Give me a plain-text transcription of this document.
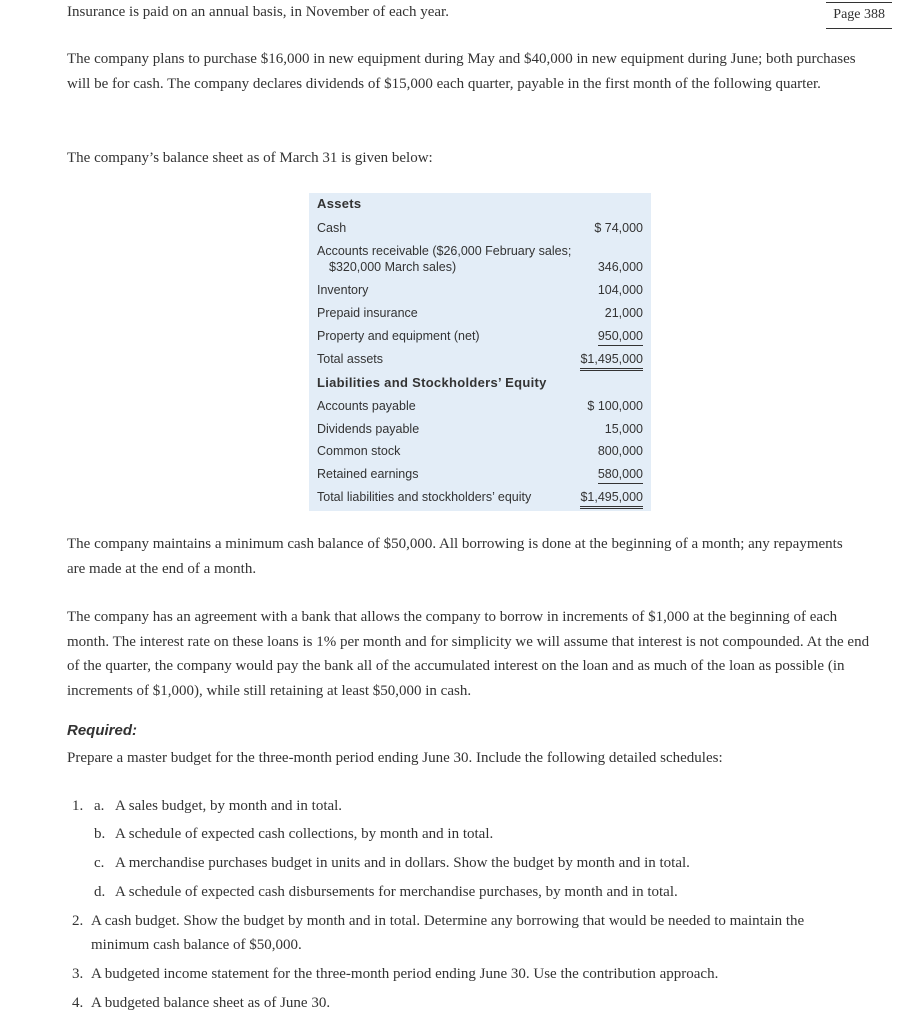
Insurance is paid on an annual basis, in November of each year.	Page 388

The company plans to purchase $16,000 in new equipment during May and $40,000 in new equipment during June; both purchases will be for cash. The company declares dividends of $15,000 each quarter, payable in the first month of the following quarter.

The company’s balance sheet as of March 31 is given below:

Assets
Cash	$ 74,000
Accounts receivable ($26,000 February sales;
$320,000 March sales)	346,000
Inventory	104,000
Prepaid insurance	21,000
Property and equipment (net)	950,000
Total assets	$1,495,000
Liabilities and Stockholders’ Equity
Accounts payable	$ 100,000
Dividends payable	15,000
Common stock	800,000
Retained earnings	580,000
Total liabilities and stockholders’ equity	$1,495,000

The company maintains a minimum cash balance of $50,000. All borrowing is done at the beginning of a month; any repayments are made at the end of a month.

The company has an agreement with a bank that allows the company to borrow in increments of $1,000 at the beginning of each month. The interest rate on these loans is 1% per month and for simplicity we will assume that interest is not compounded. At the end of the quarter, the company would pay the bank all of the accumulated interest on the loan and as much of the loan as possible (in increments of $1,000), while still retaining at least $50,000 in cash.

Required:

Prepare a master budget for the three-month period ending June 30. Include the following detailed schedules:

1. a. A sales budget, by month and in total.
b. A schedule of expected cash collections, by month and in total.
c. A merchandise purchases budget in units and in dollars. Show the budget by month and in total.
d. A schedule of expected cash disbursements for merchandise purchases, by month and in total.
2. A cash budget. Show the budget by month and in total. Determine any borrowing that would be needed to maintain the
minimum cash balance of $50,000.
3. A budgeted income statement for the three-month period ending June 30. Use the contribution approach.
4. A budgeted balance sheet as of June 30.
